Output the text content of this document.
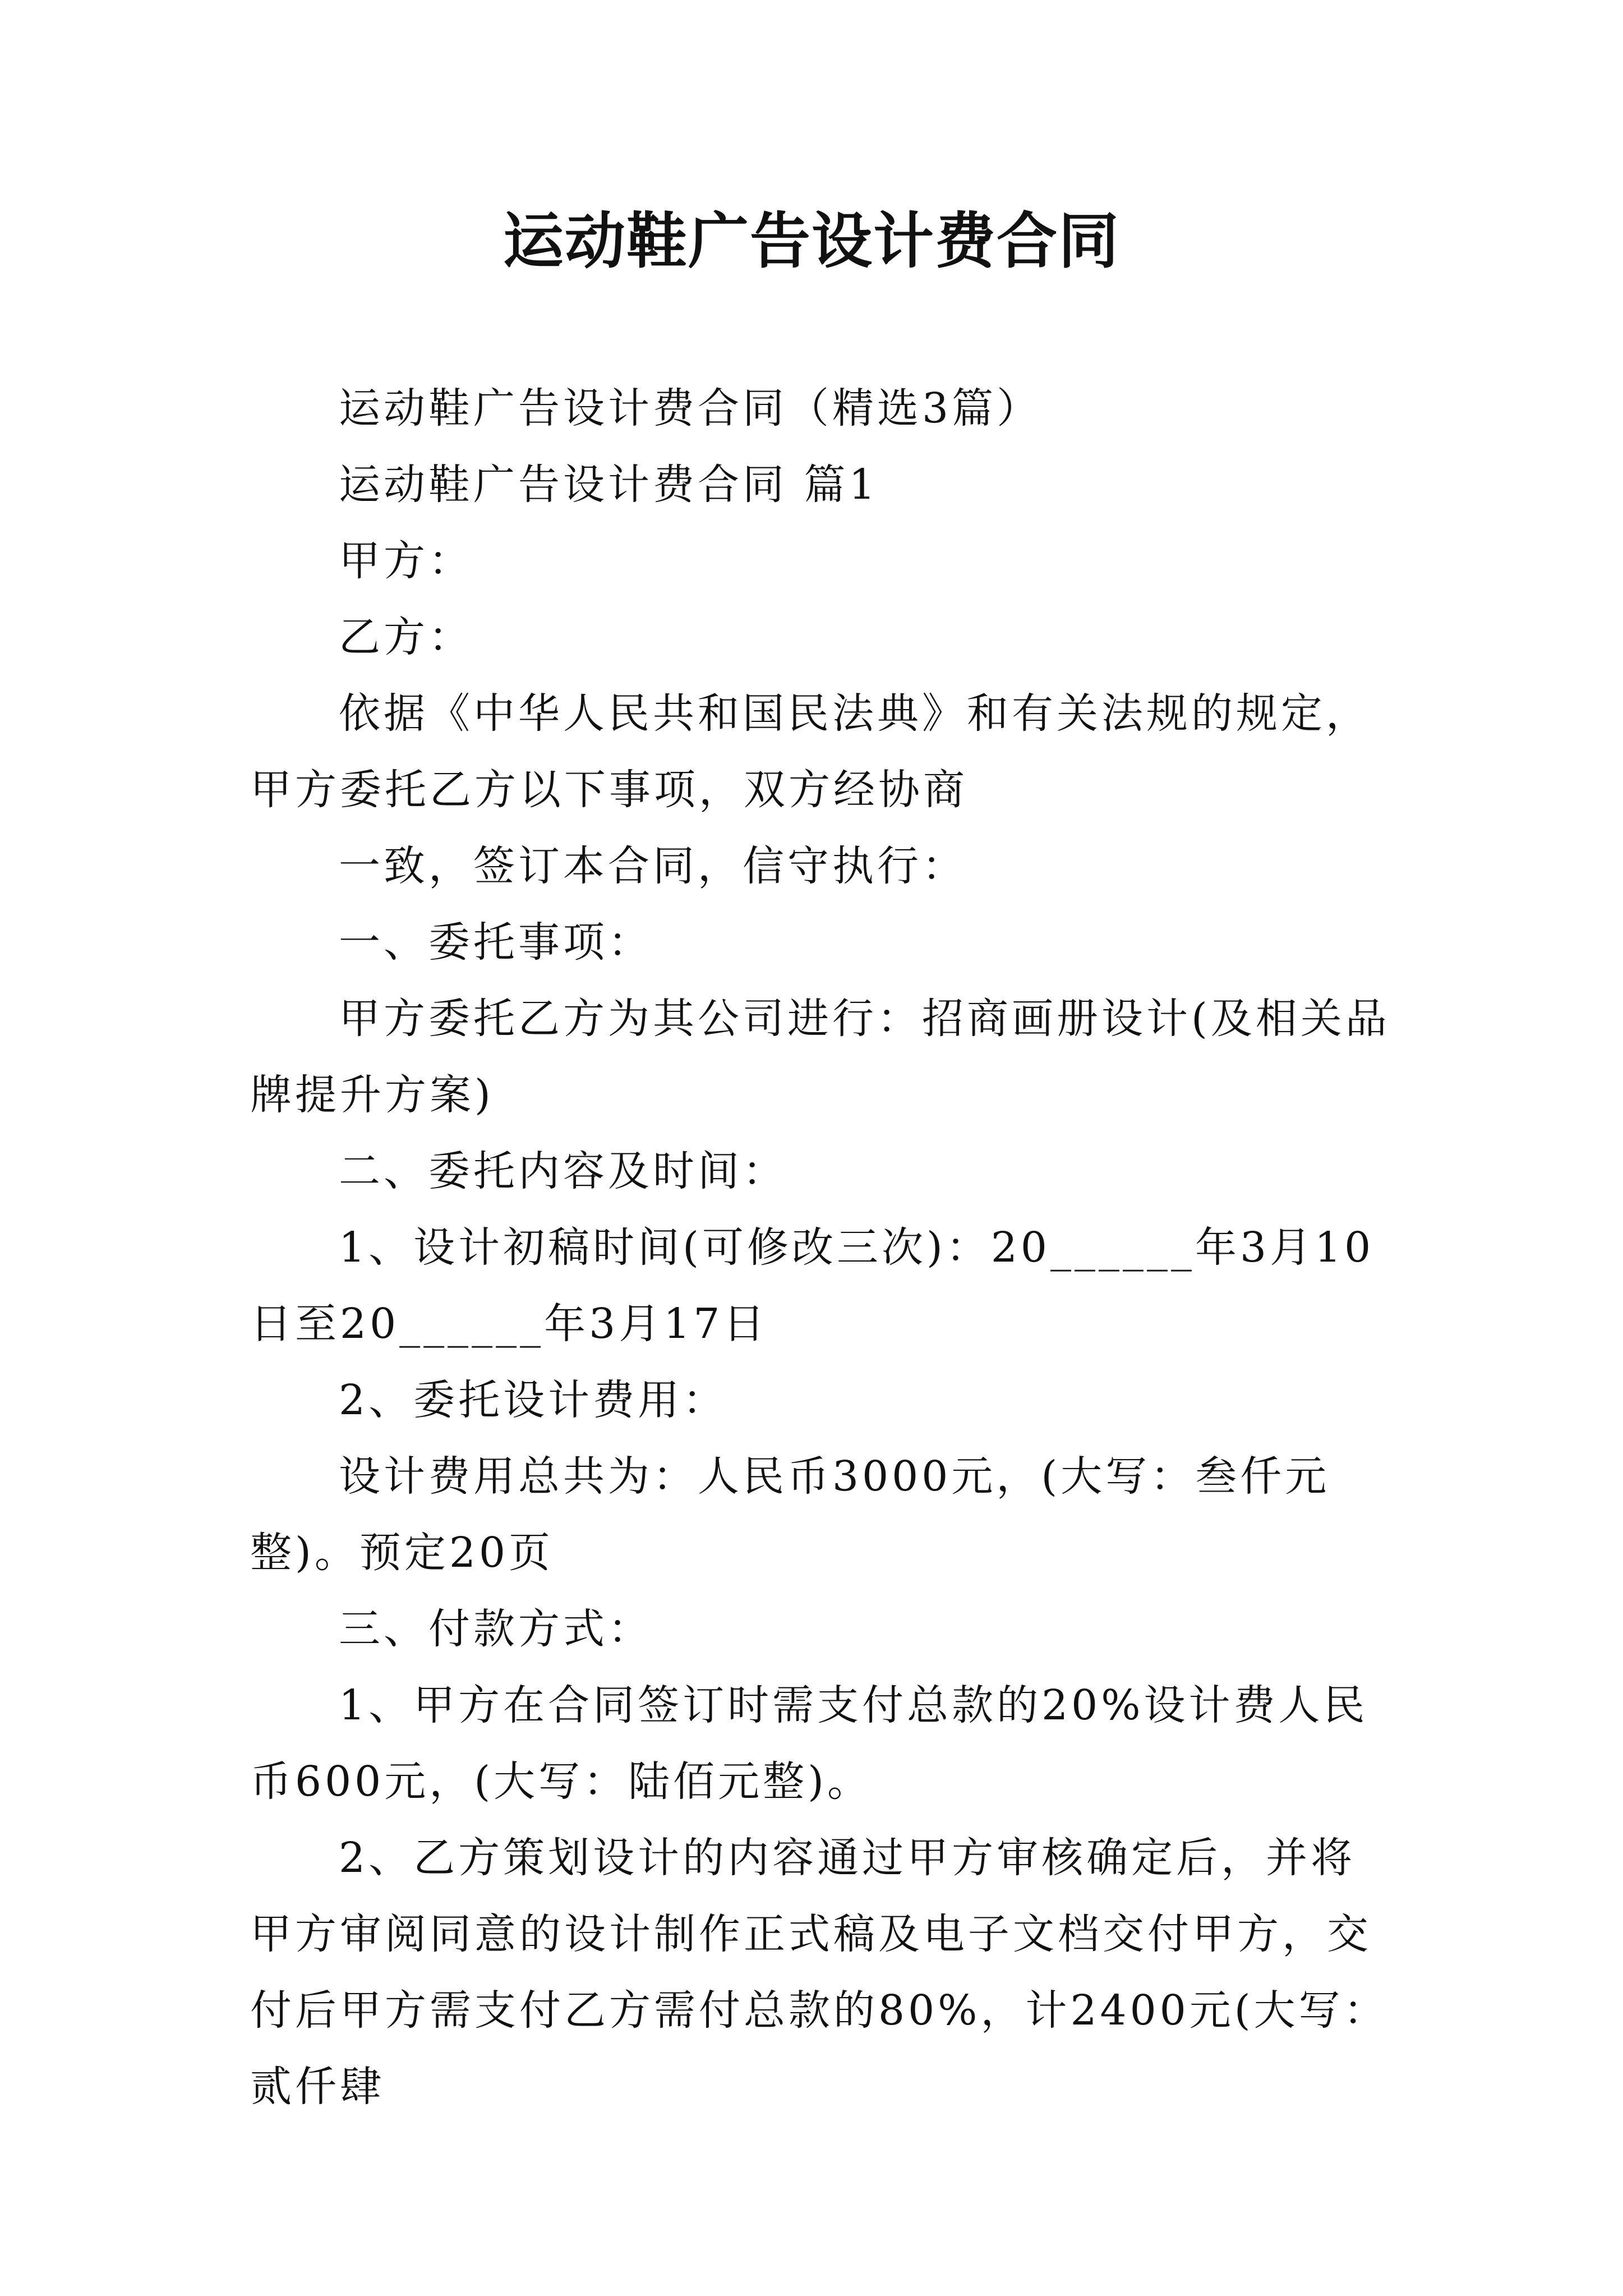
运动鞋广告设计费合同

运动鞋广告设计费合同（精选3篇）

运动鞋广告设计费合同 篇1

甲方：

乙方：

依据《中华人民共和国民法典》和有关法规的规定，甲方委托乙方以下事项，双方经协商

一致，签订本合同，信守执行：

一、委托事项：

甲方委托乙方为其公司进行：招商画册设计(及相关品牌提升方案)

二、委托内容及时间：

1、设计初稿时间(可修改三次)：20______年3月10日至20______年3月17日

2、委托设计费用：

设计费用总共为：人民币3000元，(大写：叁仟元整)。预定20页

三、付款方式：

1、甲方在合同签订时需支付总款的20%设计费人民币600元，(大写：陆佰元整)。

2、乙方策划设计的内容通过甲方审核确定后，并将甲方审阅同意的设计制作正式稿及电子文档交付甲方，交付后甲方需支付乙方需付总款的80%，计2400元(大写：贰仟肆
